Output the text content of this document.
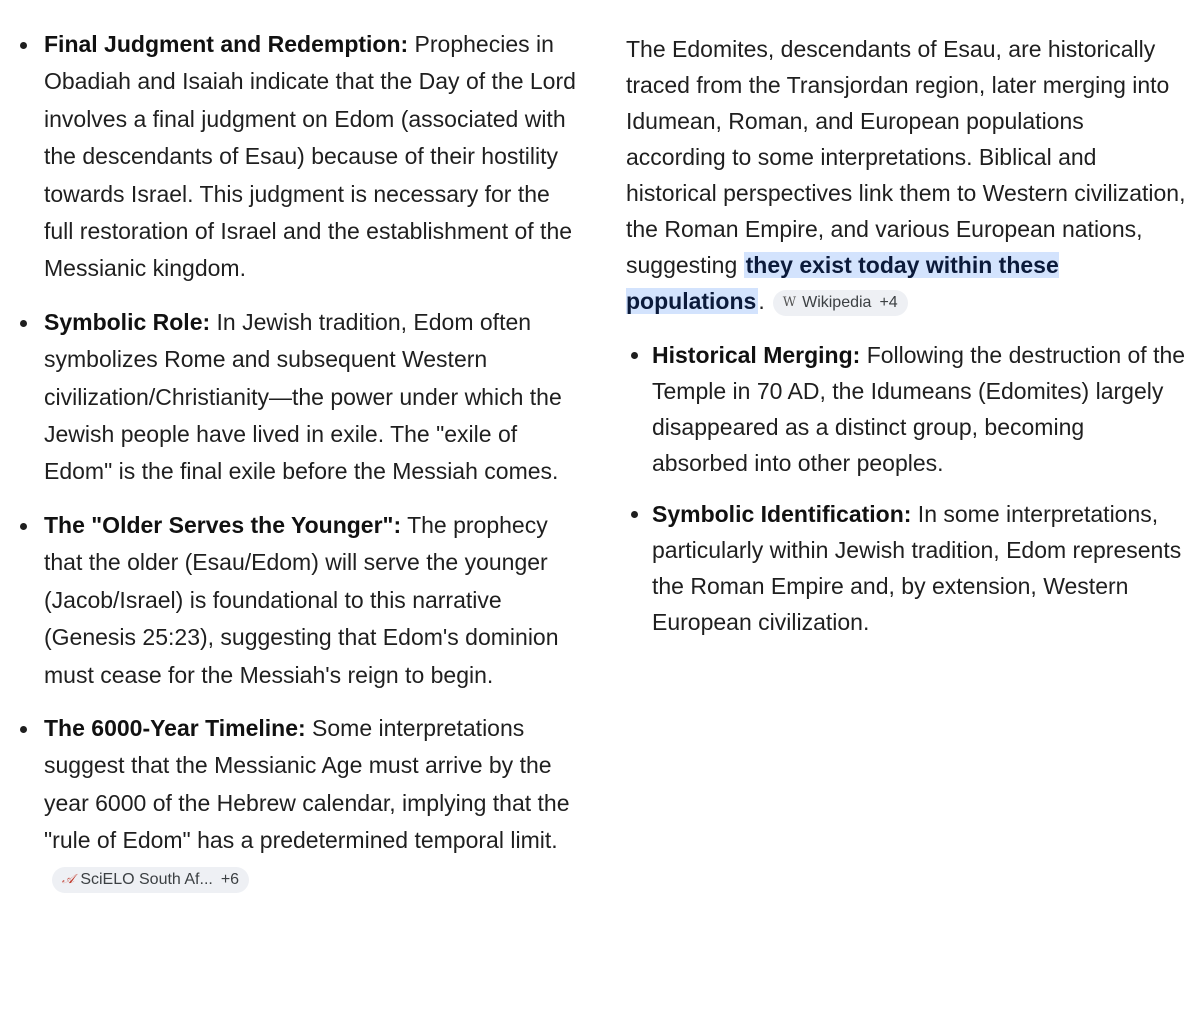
Final Judgment and Redemption: Prophecies in Obadiah and Isaiah indicate that the Day of the Lord involves a final judgment on Edom (associated with the descendants of Esau) because of their hostility towards Israel. This judgment is necessary for the full restoration of Israel and the establishment of the Messianic kingdom.
Symbolic Role: In Jewish tradition, Edom often symbolizes Rome and subsequent Western civilization/Christianity—the power under which the Jewish people have lived in exile. The "exile of Edom" is the final exile before the Messiah comes.
The "Older Serves the Younger": The prophecy that the older (Esau/Edom) will serve the younger (Jacob/Israel) is foundational to this narrative (Genesis 25:23), suggesting that Edom's dominion must cease for the Messiah's reign to begin.
The 6000-Year Timeline: Some interpretations suggest that the Messianic Age must arrive by the year 6000 of the Hebrew calendar, implying that the "rule of Edom" has a predetermined temporal limit.
𝒜 SciELO South Af... +6

The Edomites, descendants of Esau, are historically traced from the Transjordan region, later merging into Idumean, Roman, and European populations according to some interpretations. Biblical and historical perspectives link them to Western civilization, the Roman Empire, and various European nations, suggesting they exist today within these populations. W Wikipedia +4

Historical Merging: Following the destruction of the Temple in 70 AD, the Idumeans (Edomites) largely disappeared as a distinct group, becoming absorbed into other peoples.
Symbolic Identification: In some interpretations, particularly within Jewish tradition, Edom represents the Roman Empire and, by extension, Western European civilization.
